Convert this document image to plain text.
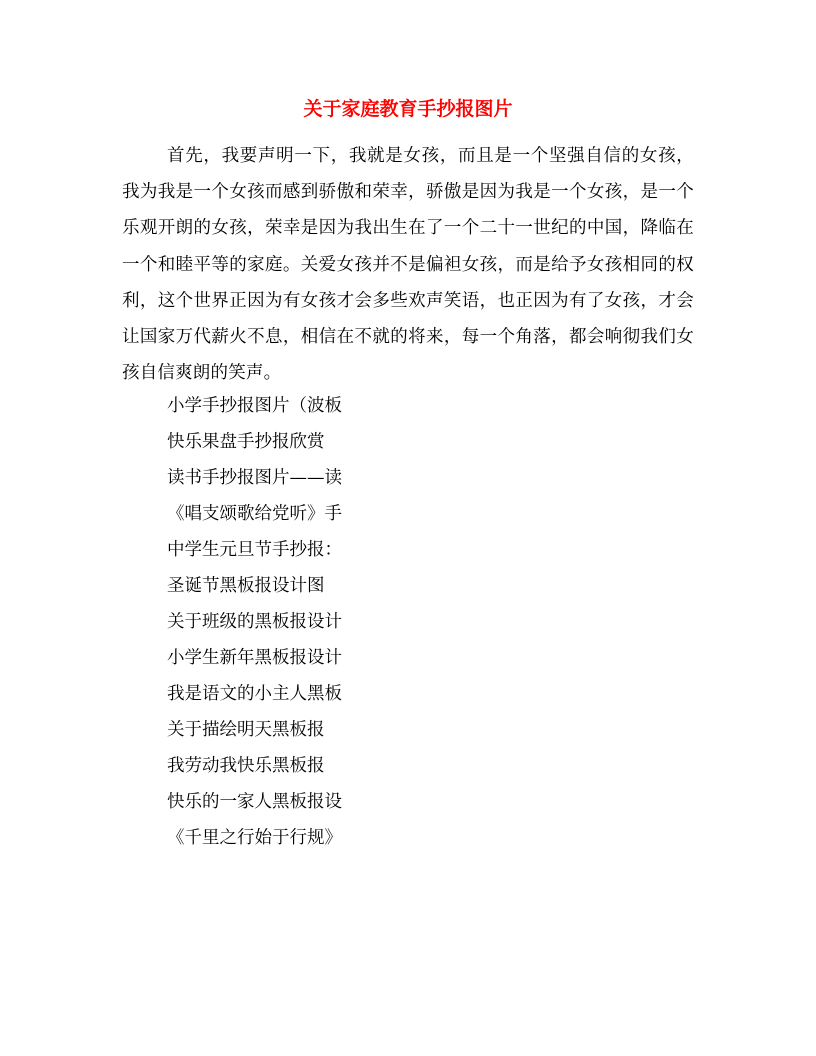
关于家庭教育手抄报图片

首先，我要声明一下，我就是女孩，而且是一个坚强自信的女孩，我为我是一个女孩而感到骄傲和荣幸，骄傲是因为我是一个女孩，是一个乐观开朗的女孩，荣幸是因为我出生在了一个二十一世纪的中国，降临在一个和睦平等的家庭。关爱女孩并不是偏袒女孩，而是给予女孩相同的权利，这个世界正因为有女孩才会多些欢声笑语，也正因为有了女孩，才会让国家万代薪火不息，相信在不就的将来，每一个角落，都会响彻我们女孩自信爽朗的笑声。

小学手抄报图片（波板
快乐果盘手抄报欣赏
读书手抄报图片——读
《唱支颂歌给党听》手
中学生元旦节手抄报：
圣诞节黑板报设计图
关于班级的黑板报设计
小学生新年黑板报设计
我是语文的小主人黑板
关于描绘明天黑板报
我劳动我快乐黑板报
快乐的一家人黑板报设
《千里之行始于行规》
